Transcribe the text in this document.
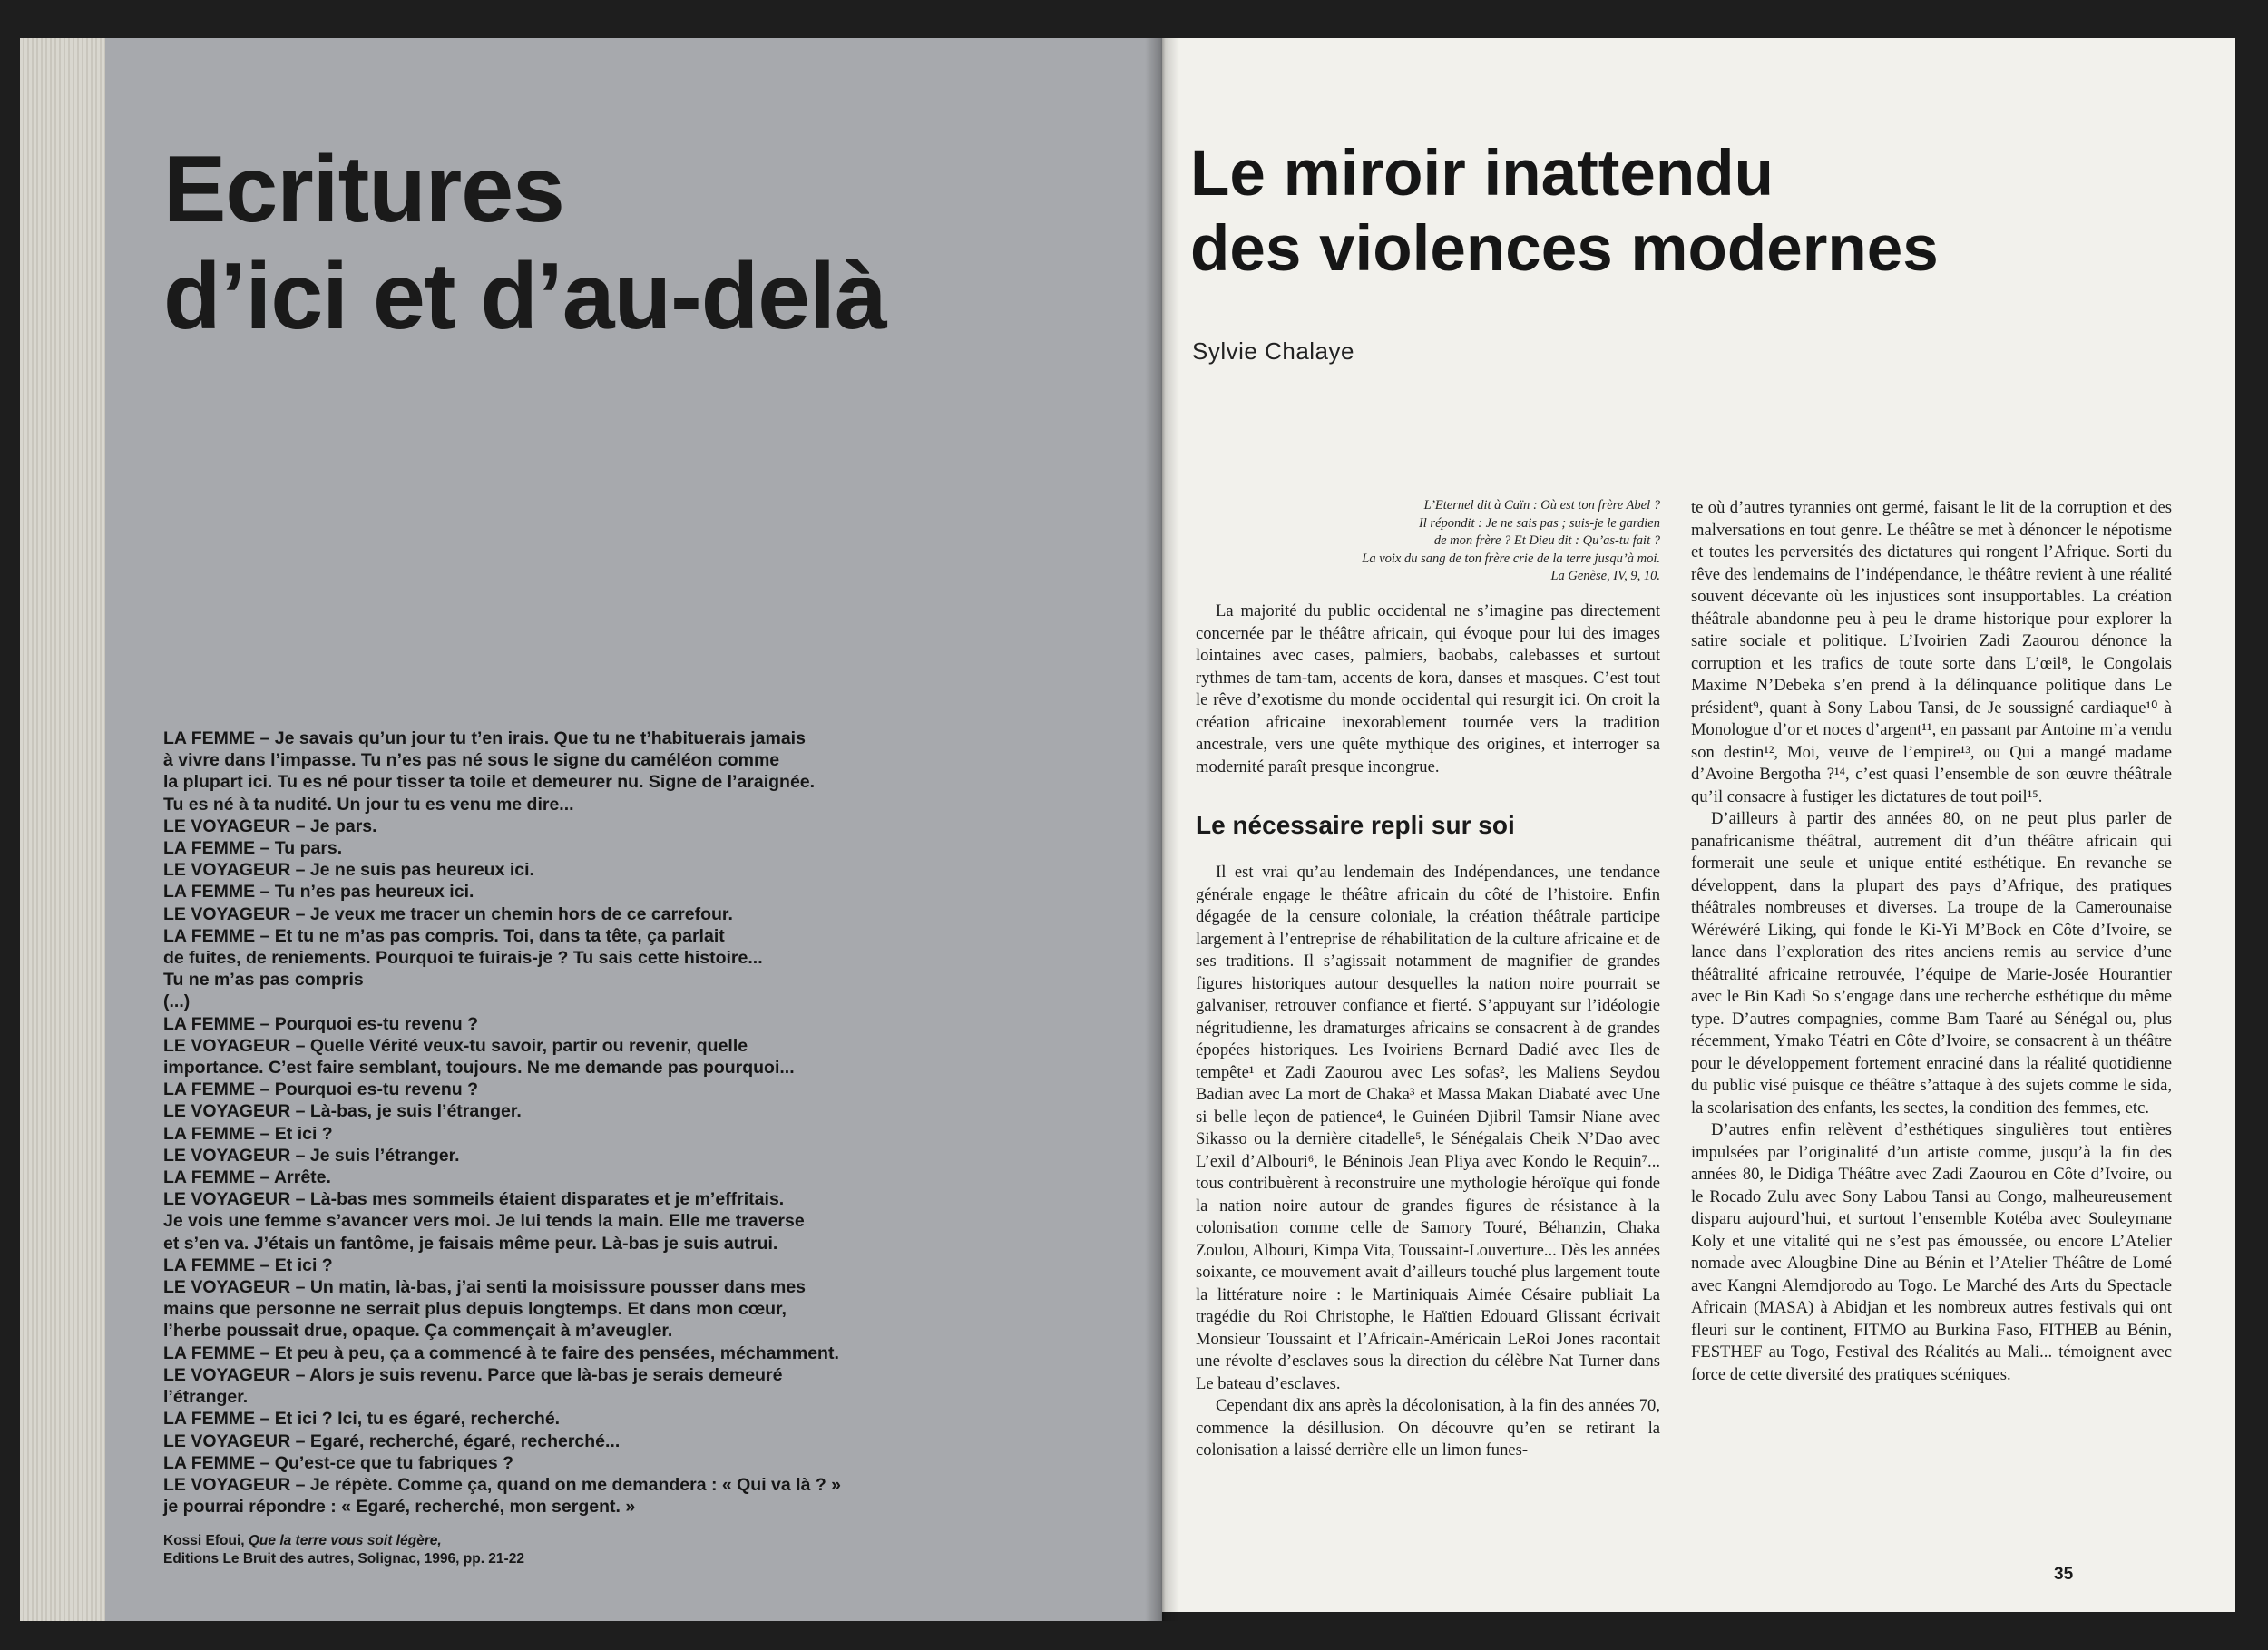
Ecritures
d’ici et d’au-delà
LA FEMME – Je savais qu’un jour tu t’en irais. Que tu ne t’habituerais jamais
à vivre dans l’impasse. Tu n’es pas né sous le signe du caméléon comme
la plupart ici. Tu es né pour tisser ta toile et demeurer nu. Signe de l’araignée.
Tu es né à ta nudité. Un jour tu es venu me dire...
LE VOYAGEUR – Je pars.
LA FEMME – Tu pars.
LE VOYAGEUR – Je ne suis pas heureux ici.
LA FEMME – Tu n’es pas heureux ici.
LE VOYAGEUR – Je veux me tracer un chemin hors de ce carrefour.
LA FEMME – Et tu ne m’as pas compris. Toi, dans ta tête, ça parlait
de fuites, de reniements. Pourquoi te fuirais-je ? Tu sais cette histoire...
Tu ne m’as pas compris
(...)
LA FEMME – Pourquoi es-tu revenu ?
LE VOYAGEUR – Quelle Vérité veux-tu savoir, partir ou revenir, quelle
importance. C’est faire semblant, toujours. Ne me demande pas pourquoi...
LA FEMME – Pourquoi es-tu revenu ?
LE VOYAGEUR – Là-bas, je suis l’étranger.
LA FEMME – Et ici ?
LE VOYAGEUR – Je suis l’étranger.
LA FEMME – Arrête.
LE VOYAGEUR – Là-bas mes sommeils étaient disparates et je m’effritais.
Je vois une femme s’avancer vers moi. Je lui tends la main. Elle me traverse
et s’en va. J’étais un fantôme, je faisais même peur. Là-bas je suis autrui.
LA FEMME – Et ici ?
LE VOYAGEUR – Un matin, là-bas, j’ai senti la moisissure pousser dans mes
mains que personne ne serrait plus depuis longtemps. Et dans mon cœur,
l’herbe poussait drue, opaque. Ça commençait à m’aveugler.
LA FEMME – Et peu à peu, ça a commencé à te faire des pensées, méchamment.
LE VOYAGEUR – Alors je suis revenu. Parce que là-bas je serais demeuré
l’étranger.
LA FEMME – Et ici ? Ici, tu es égaré, recherché.
LE VOYAGEUR – Egaré, recherché, égaré, recherché...
LA FEMME – Qu’est-ce que tu fabriques ?
LE VOYAGEUR – Je répète. Comme ça, quand on me demandera : « Qui va là ? »
je pourrai répondre : « Egaré, recherché, mon sergent. »
Kossi Efoui, Que la terre vous soit légère,
Editions Le Bruit des autres, Solignac, 1996, pp. 21-22
Le miroir inattendu
des violences modernes
Sylvie Chalaye
L’Eternel dit à Caïn : Où est ton frère Abel ?
Il répondit : Je ne sais pas ; suis-je le gardien
de mon frère ? Et Dieu dit : Qu’as-tu fait ?
La voix du sang de ton frère crie de la terre jusqu’à moi.
La Genèse, IV, 9, 10.

La majorité du public occidental ne s’imagine pas directement concernée par le théâtre africain, qui évoque pour lui des images lointaines avec cases, palmiers, baobabs, calebasses et surtout rythmes de tam-tam, accents de kora, danses et masques. C’est tout le rêve d’exotisme du monde occidental qui resurgit ici. On croit la création africaine inexorablement tournée vers la tradition ancestrale, vers une quête mythique des origines, et interroger sa modernité paraît presque incongrue.

Le nécessaire repli sur soi

Il est vrai qu’au lendemain des Indépendances, une tendance générale engage le théâtre africain du côté de l’histoire. Enfin dégagée de la censure coloniale, la création théâtrale participe largement à l’entreprise de réhabilitation de la culture africaine et de ses traditions. Il s’agissait notamment de magnifier de grandes figures historiques autour desquelles la nation noire pourrait se galvaniser, retrouver confiance et fierté. S’appuyant sur l’idéologie négritudienne, les dramaturges africains se consacrent à de grandes épopées historiques. Les Ivoiriens Bernard Dadié avec Iles de tempête¹ et Zadi Zaourou avec Les sofas², les Maliens Seydou Badian avec La mort de Chaka³ et Massa Makan Diabaté avec Une si belle leçon de patience⁴, le Guinéen Djibril Tamsir Niane avec Sikasso ou la dernière citadelle⁵, le Sénégalais Cheik N’Dao avec L’exil d’Albouri⁶, le Béninois Jean Pliya avec Kondo le Requin⁷... tous contribuèrent à reconstruire une mythologie héroïque qui fonde la nation noire autour de grandes figures de résistance à la colonisation comme celle de Samory Touré, Béhanzin, Chaka Zoulou, Albouri, Kimpa Vita, Toussaint-Louverture... Dès les années soixante, ce mouvement avait d’ailleurs touché plus largement toute la littérature noire : le Martiniquais Aimée Césaire publiait La tragédie du Roi Christophe, le Haïtien Edouard Glissant écrivait Monsieur Toussaint et l’Africain-Américain LeRoi Jones racontait une révolte d’esclaves sous la direction du célèbre Nat Turner dans Le bateau d’esclaves.

Cependant dix ans après la décolonisation, à la fin des années 70, commence la désillusion. On découvre qu’en se retirant la colonisation a laissé derrière elle un limon funes-

te où d’autres tyrannies ont germé, faisant le lit de la corruption et des malversations en tout genre. Le théâtre se met à dénoncer le népotisme et toutes les perversités des dictatures qui rongent l’Afrique. Sorti du rêve des lendemains de l’indépendance, le théâtre revient à une réalité souvent décevante où les injustices sont insupportables. La création théâtrale abandonne peu à peu le drame historique pour explorer la satire sociale et politique. L’Ivoirien Zadi Zaourou dénonce la corruption et les trafics de toute sorte dans L’œil⁸, le Congolais Maxime N’Debeka s’en prend à la délinquance politique dans Le président⁹, quant à Sony Labou Tansi, de Je soussigné cardiaque¹⁰ à Monologue d’or et noces d’argent¹¹, en passant par Antoine m’a vendu son destin¹², Moi, veuve de l’empire¹³, ou Qui a mangé madame d’Avoine Bergotha ?¹⁴, c’est quasi l’ensemble de son œuvre théâtrale qu’il consacre à fustiger les dictatures de tout poil¹⁵.

D’ailleurs à partir des années 80, on ne peut plus parler de panafricanisme théâtral, autrement dit d’un théâtre africain qui formerait une seule et unique entité esthétique. En revanche se développent, dans la plupart des pays d’Afrique, des pratiques théâtrales nombreuses et diverses. La troupe de la Camerounaise Wéréwéré Liking, qui fonde le Ki-Yi M’Bock en Côte d’Ivoire, se lance dans l’exploration des rites anciens remis au service d’une théâtralité africaine retrouvée, l’équipe de Marie-Josée Hourantier avec le Bin Kadi So s’engage dans une recherche esthétique du même type. D’autres compagnies, comme Bam Taaré au Sénégal ou, plus récemment, Ymako Téatri en Côte d’Ivoire, se consacrent à un théâtre pour le développement fortement enraciné dans la réalité quotidienne du public visé puisque ce théâtre s’attaque à des sujets comme le sida, la scolarisation des enfants, les sectes, la condition des femmes, etc.

D’autres enfin relèvent d’esthétiques singulières tout entières impulsées par l’originalité d’un artiste comme, jusqu’à la fin des années 80, le Didiga Théâtre avec Zadi Zaourou en Côte d’Ivoire, ou le Rocado Zulu avec Sony Labou Tansi au Congo, malheureusement disparu aujourd’hui, et surtout l’ensemble Kotéba avec Souleymane Koly et une vitalité qui ne s’est pas émoussée, ou encore L’Atelier nomade avec Alougbine Dine au Bénin et l’Atelier Théâtre de Lomé avec Kangni Alemdjorodo au Togo. Le Marché des Arts du Spectacle Africain (MASA) à Abidjan et les nombreux autres festivals qui ont fleuri sur le continent, FITMO au Burkina Faso, FITHEB au Bénin, FESTHEF au Togo, Festival des Réalités au Mali... témoignent avec force de cette diversité des pratiques scéniques.

35
